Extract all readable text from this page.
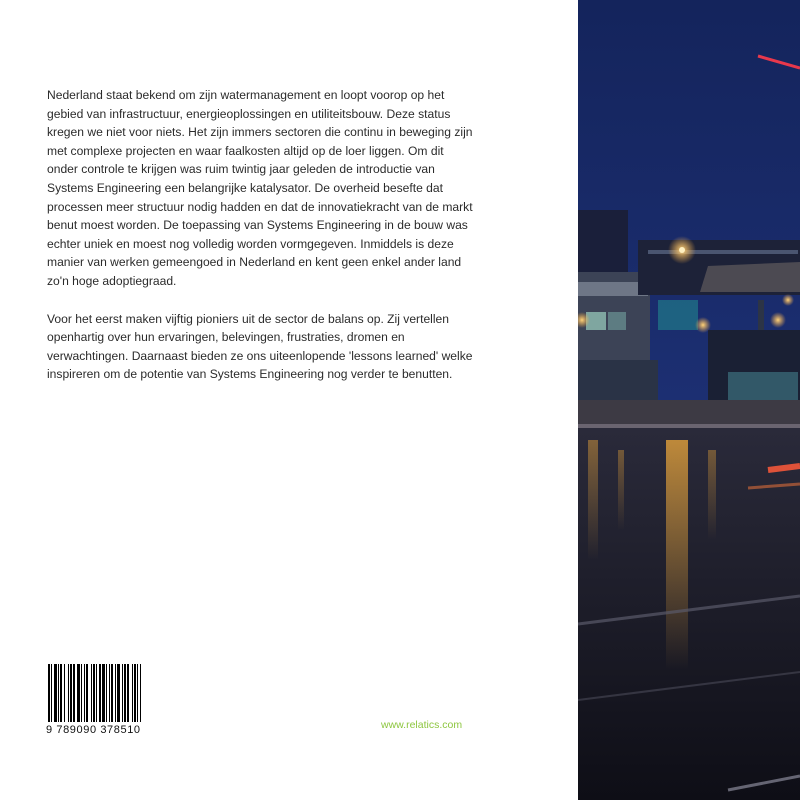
Nederland staat bekend om zijn watermanagement en loopt voorop op het gebied van infrastructuur, energieoplossingen en utiliteitsbouw. Deze status kregen we niet voor niets. Het zijn immers sectoren die continu in beweging zijn met complexe projecten en waar faalkosten altijd op de loer liggen. Om dit onder controle te krijgen was ruim twintig jaar geleden de introductie van Systems Engineering een belangrijke katalysator. De overheid besefte dat processen meer structuur nodig hadden en dat de innovatiekracht van de markt benut moest worden. De toepassing van Systems Engineering in de bouw was echter uniek en moest nog volledig worden vormgegeven. Inmiddels is deze manier van werken gemeengoed in Nederland en kent geen enkel ander land zo'n hoge adoptiegraad.

Voor het eerst maken vijftig pioniers uit de sector de balans op. Zij vertellen openhartig over hun ervaringen, belevingen, frustraties, dromen en verwachtingen. Daarnaast bieden ze ons uiteenlopende 'lessons learned' welke inspireren om de potentie van Systems Engineering nog verder te benutten.

9 789090 378510	www.relatics.com
